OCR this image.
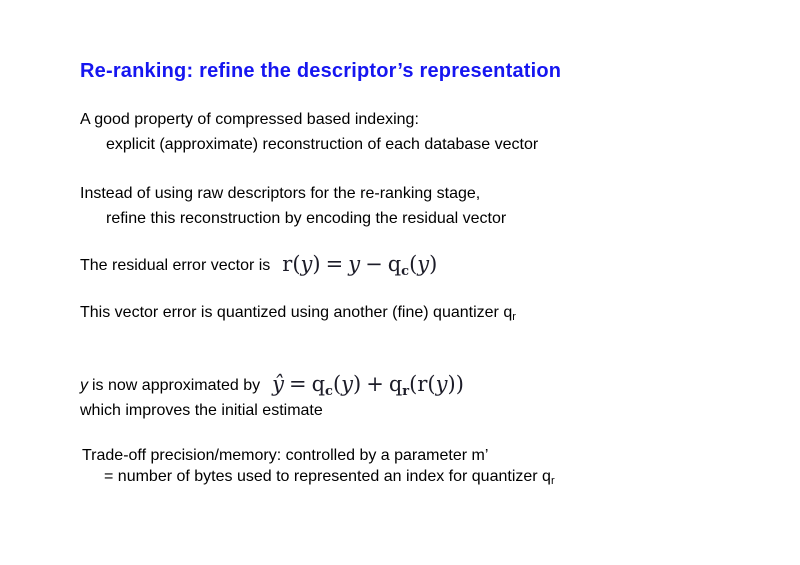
Re-ranking: refine the descriptor’s representation
A good property of compressed based indexing:
explicit (approximate) reconstruction of each database vector
Instead of using raw descriptors for the re-ranking stage,
refine this reconstruction by encoding the residual vector
The residual error vector is r(y) = y − qc(y)
This vector error is quantized using another (fine) quantizer $q_r$
y is now approximated by ŷ = qc(y) + qr(r(y))
which improves the initial estimate
Trade-off precision/memory: controlled by a parameter m’
= number of bytes used to represented an index for quantizer $q_r$
